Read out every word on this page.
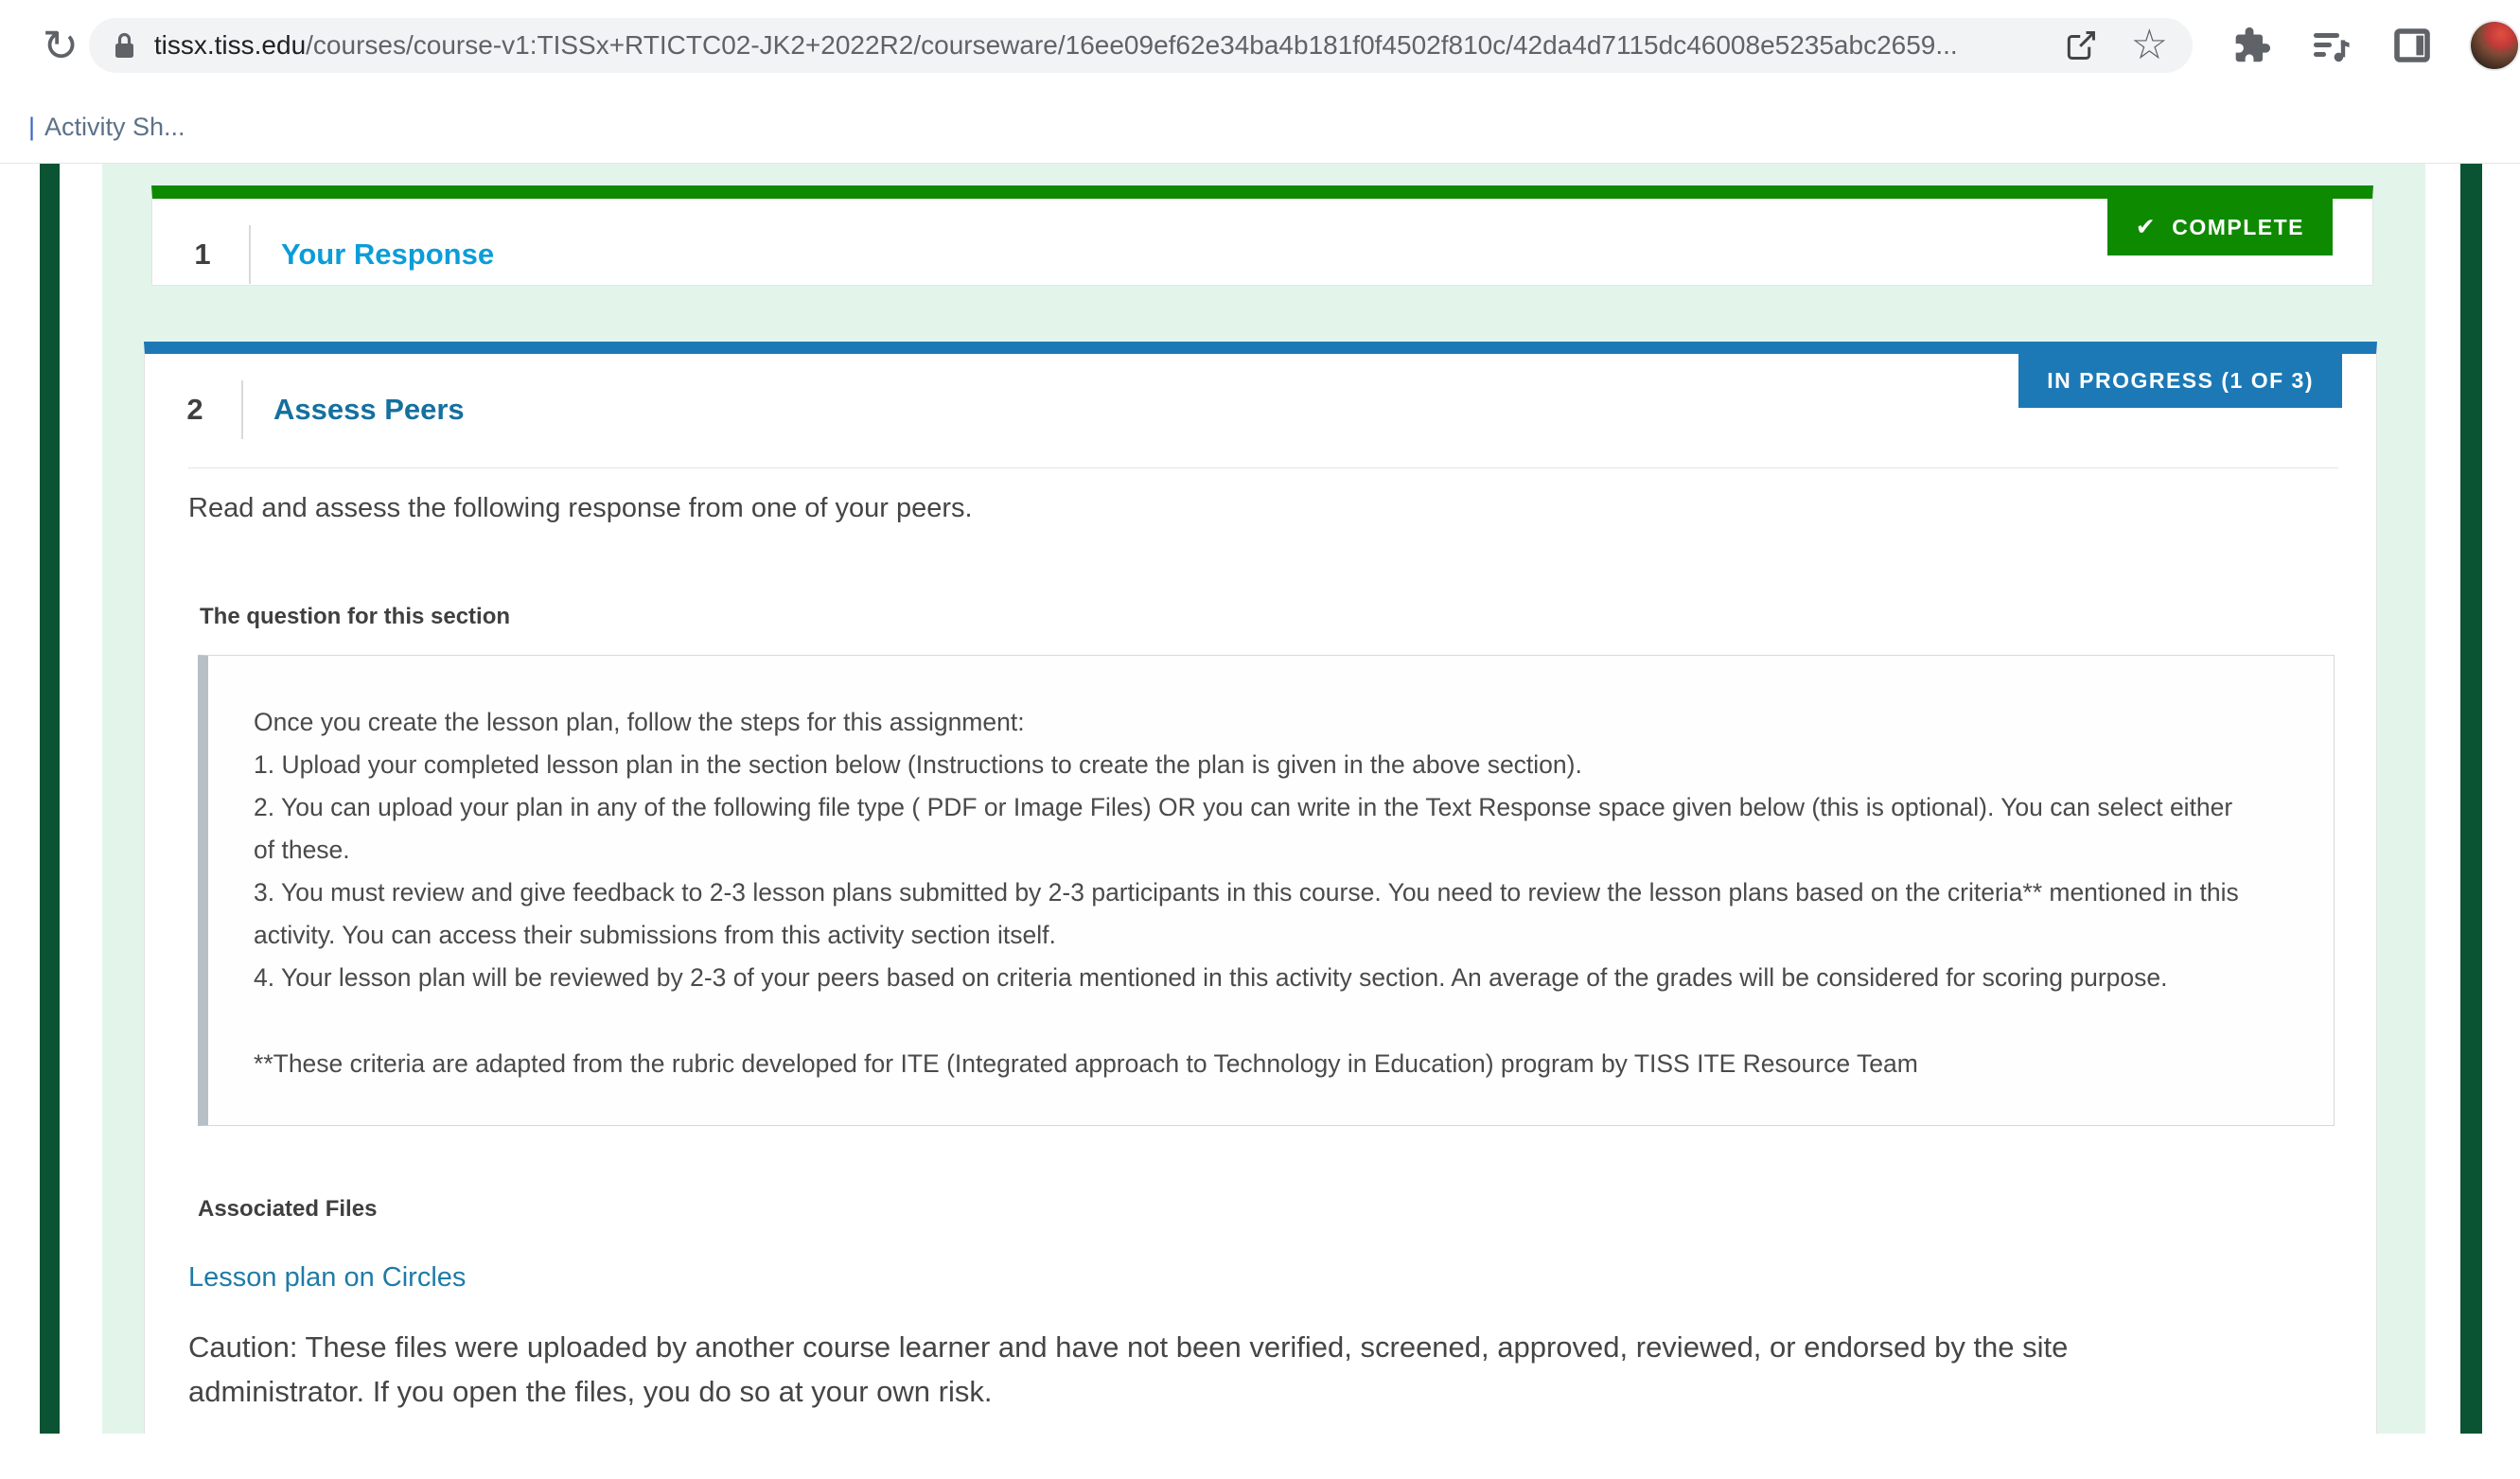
↻	tissx.tiss.edu/courses/course-v1:TISSx+RTICTC02-JK2+2022R2/courseware/16ee09ef62e34ba4b181f0f4502f810c/42da4d7115dc46008e5235abc2659...	☆
| Activity Sh...
✔ COMPLETE
1 Your Response
IN PROGRESS (1 OF 3)
2 Assess Peers

Read and assess the following response from one of your peers.

The question for this section

Once you create the lesson plan, follow the steps for this assignment:

1. Upload your completed lesson plan in the section below (Instructions to create the plan is given in the above section).

2. You can upload your plan in any of the following file type ( PDF or Image Files) OR you can write in the Text Response space given below (this is optional). You can select either of these.

3. You must review and give feedback to 2-3 lesson plans submitted by 2-3 participants in this course. You need to review the lesson plans based on the criteria** mentioned in this activity. You can access their submissions from this activity section itself.

4. Your lesson plan will be reviewed by 2-3 of your peers based on criteria mentioned in this activity section. An average of the grades will be considered for scoring purpose.

**These criteria are adapted from the rubric developed for ITE (Integrated approach to Technology in Education) program by TISS ITE Resource Team

Associated Files
Lesson plan on Circles

Caution: These files were uploaded by another course learner and have not been verified, screened, approved, reviewed, or endorsed by the site administrator. If you open the files, you do so at your own risk.
